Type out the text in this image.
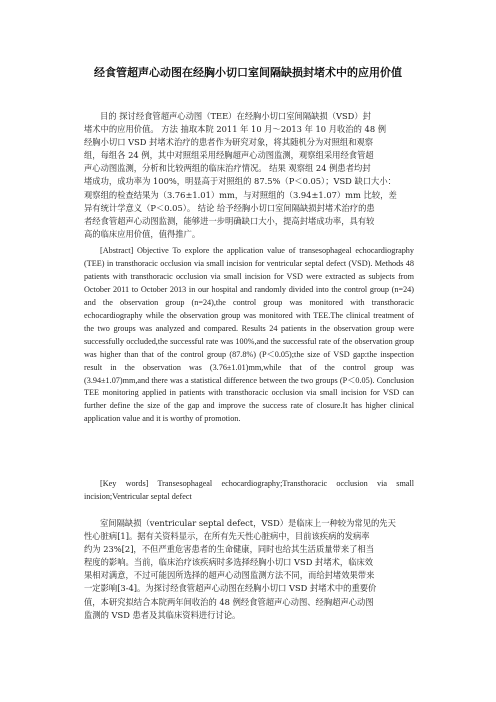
经食管超声心动图在经胸小切口室间隔缺损封堵术中的应用价值
目的 探讨经食管超声心动图（TEE）在经胸小切口室间隔缺损（VSD）封
堵术中的应用价值。 方法 抽取本院 2011 年 10 月～2013 年 10 月收治的 48 例
经胸小切口 VSD 封堵术治疗的患者作为研究对象，将其随机分为对照组和观察
组，每组各 24 例，其中对照组采用经胸超声心动图监测，观察组采用经食管超
声心动图监测，分析和比较两组的临床治疗情况。 结果 观察组 24 例患者均封
堵成功，成功率为 100%，明显高于对照组的 87.5%（P＜0.05）；VSD 缺口大小：
观察组的检查结果为（3.76±1.01）mm，与对照组的（3.94±1.07）mm 比较，差
异有统计学意义（P＜0.05）。 结论 给予经胸小切口室间隔缺损封堵术治疗的患
者经食管超声心动图监测，能够进一步明确缺口大小，提高封堵成功率，具有较
高的临床应用价值，值得推广。

[Abstract] Objective To explore the application value of transesophageal echocardiography (TEE) in transthoracic occlusion via small incision for ventricular septal defect (VSD). Methods 48 patients with transthoracic occlusion via small incision for VSD were extracted as subjects from October 2011 to October 2013 in our hospital and randomly divided into the control group (n=24) and the observation group (n=24),the control group was monitored with transthoracic echocardiography while the observation group was monitored with TEE.The clinical treatment of the two groups was analyzed and compared. Results 24 patients in the observation group were successfully occluded,the successful rate was 100%,and the successful rate of the observation group was higher than that of the control group (87.8%) (P＜0.05);the size of VSD gap:the inspection result in the observation was (3.76±1.01)mm,while that of the control group was (3.94±1.07)mm,and there was a statistical difference between the two groups (P＜0.05). Conclusion TEE monitoring applied in patients with transthoracic occlusion via small incision for VSD can further define the size of the gap and improve the success rate of closure.It has higher clinical application value and it is worthy of promotion.

[Key words] Transesophageal echocardiography;Transthoracic occlusion via small incision;Ventricular septal defect

室间隔缺损（ventricular septal defect，VSD）是临床上一种较为常见的先天
性心脏病[1]。据有关资料显示，在所有先天性心脏病中，目前该疾病的发病率
约为 23%[2]，不但严重危害患者的生命健康，同时也给其生活质量带来了相当
程度的影响。当前，临床治疗该疾病时多选择经胸小切口 VSD 封堵术，临床效
果相对满意，不过可能因所选择的超声心动图监测方法不同，而给封堵效果带来
一定影响[3-4]。为探讨经食管超声心动图在经胸小切口 VSD 封堵术中的重要价
值，本研究拟结合本院两年间收治的 48 例经食管超声心动图、经胸超声心动图
监测的 VSD 患者及其临床资料进行讨论。
